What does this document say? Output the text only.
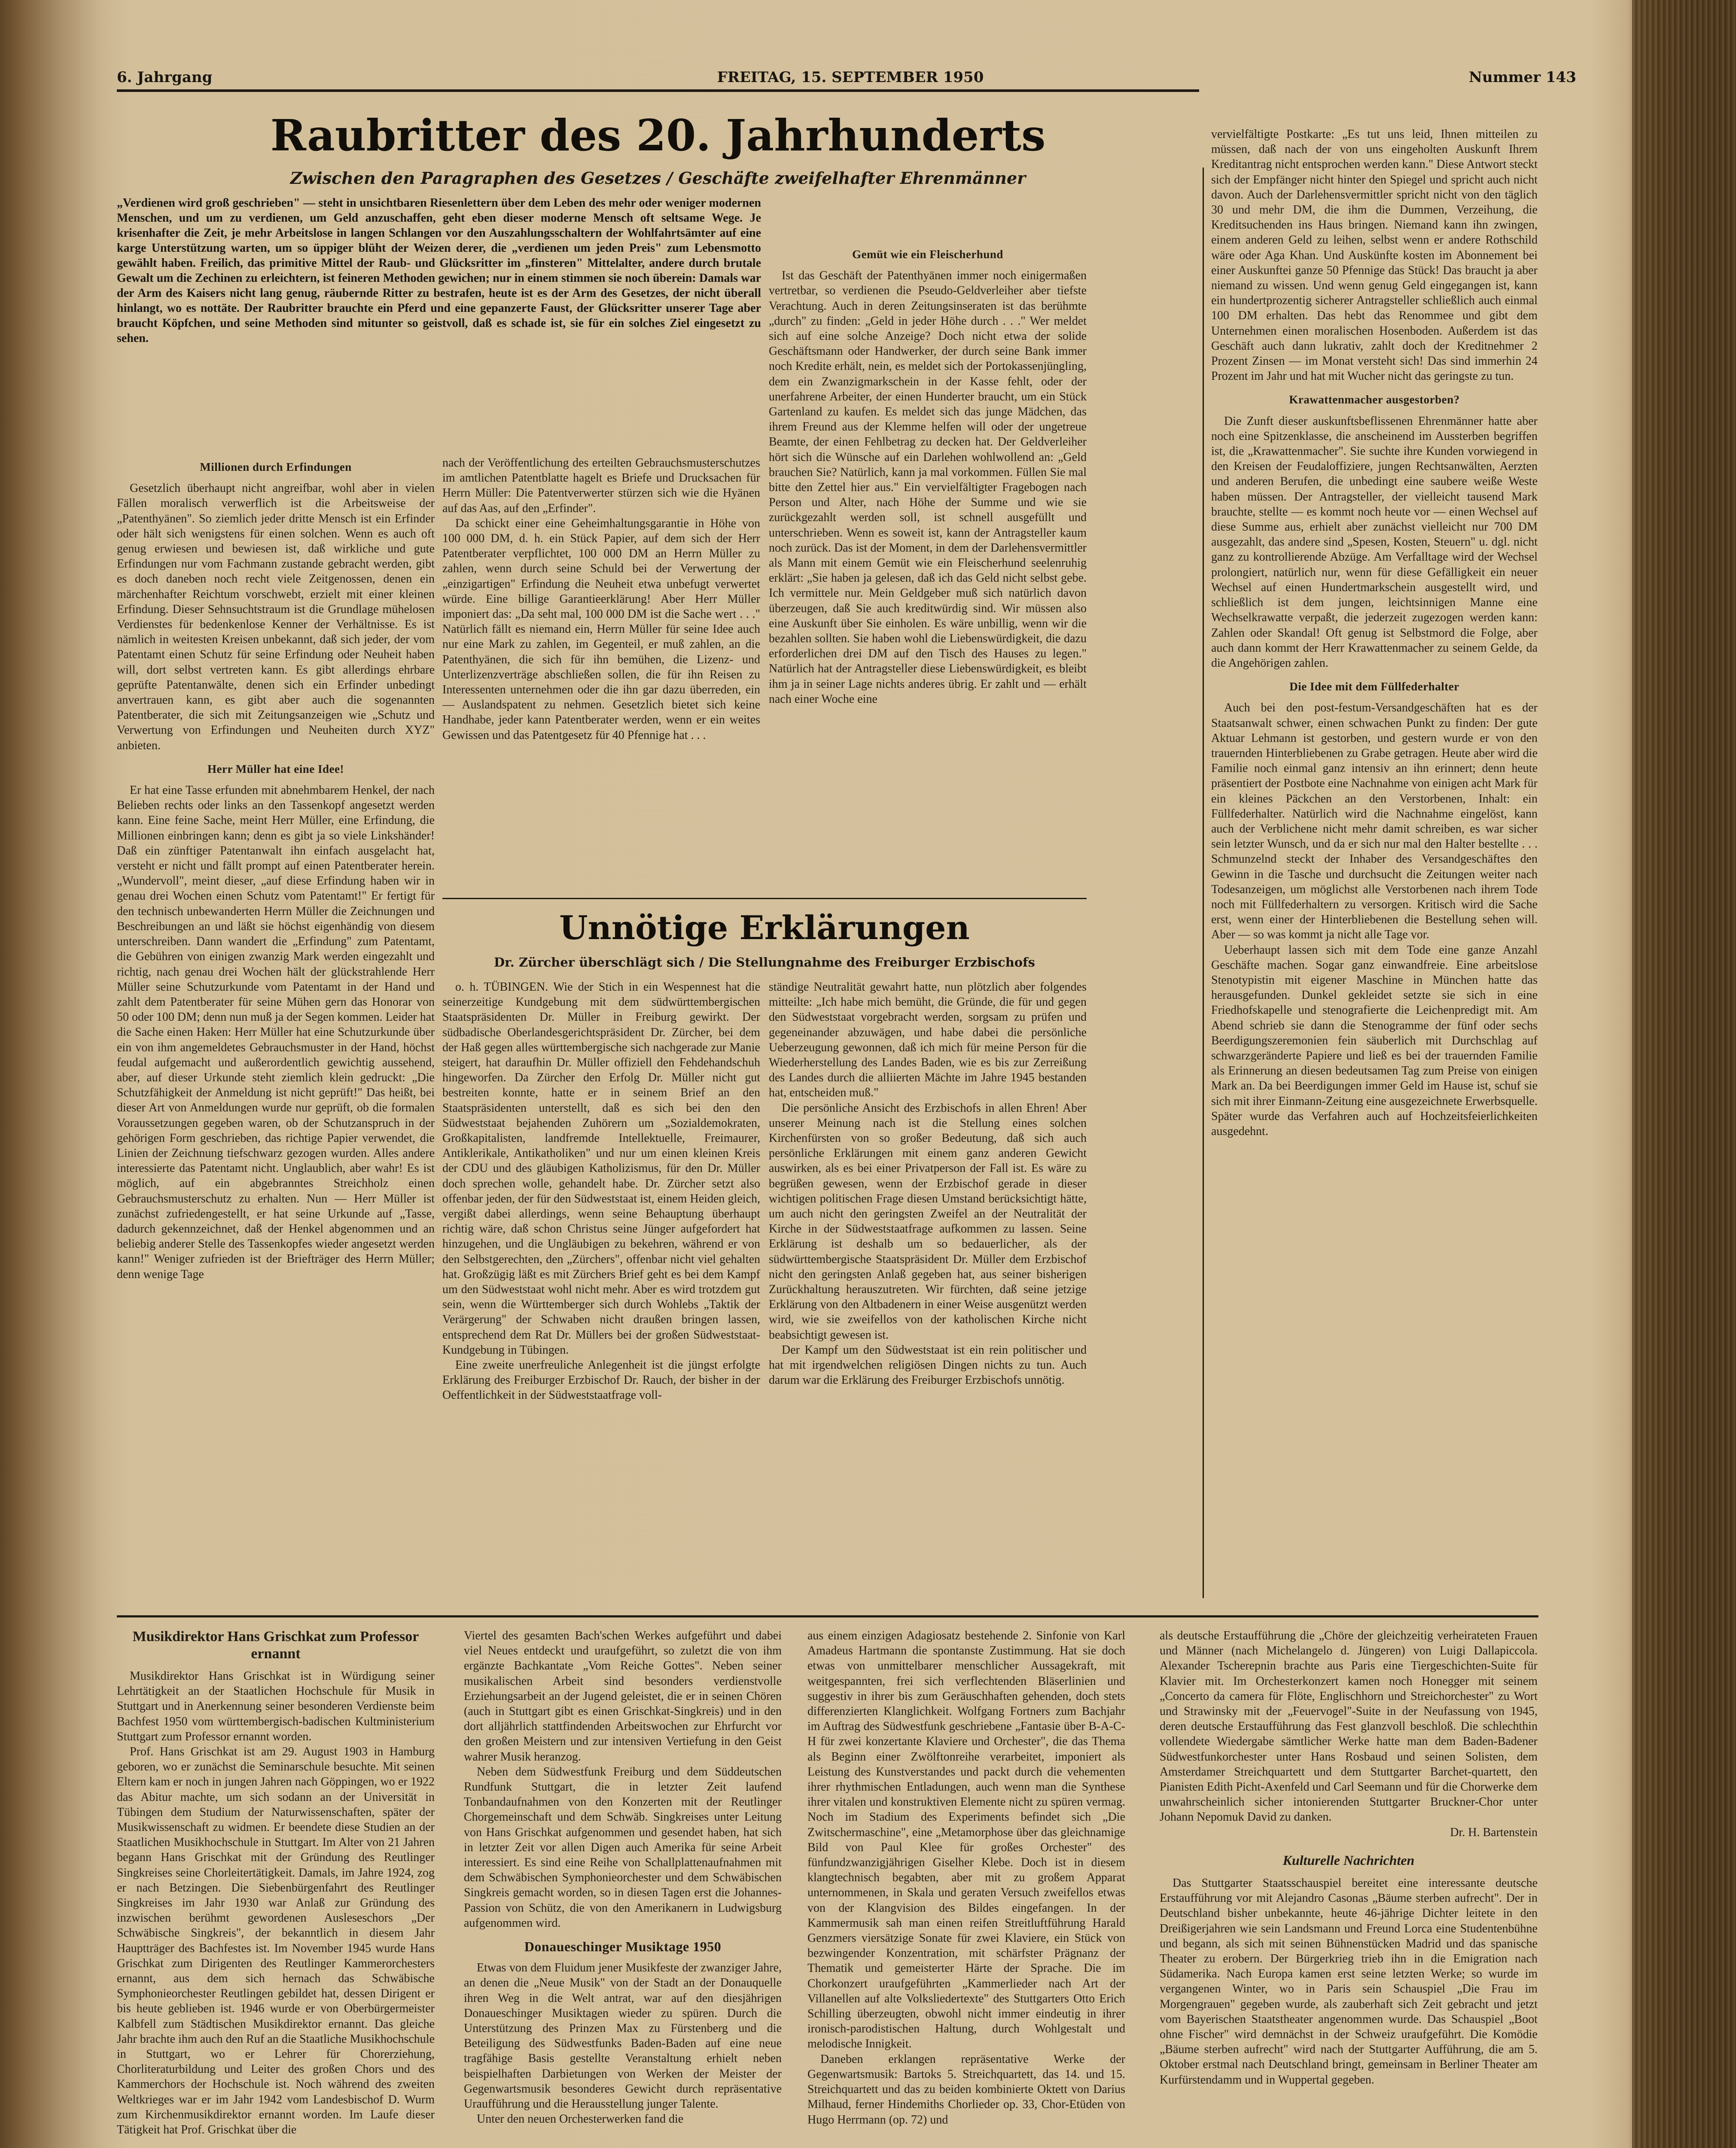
6. Jahrgang	FREITAG, 15. SEPTEMBER 1950	Nummer 143
Raubritter des 20. Jahrhunderts
Zwischen den Paragraphen des Gesetzes / Geschäfte zweifelhafter Ehrenmänner
„Verdienen wird groß geschrieben" — steht in unsichtbaren Riesenlettern über dem Leben des mehr oder weniger modernen Menschen, und um zu verdienen, um Geld anzuschaffen, geht eben dieser moderne Mensch oft seltsame Wege. Je krisenhafter die Zeit, je mehr Arbeitslose in langen Schlangen vor den Auszahlungsschaltern der Wohlfahrtsämter auf eine karge Unterstützung warten, um so üppiger blüht der Weizen derer, die „verdienen um jeden Preis" zum Lebensmotto gewählt haben. Freilich, das primitive Mittel der Raub- und Glücksritter im „finsteren" Mittelalter, andere durch brutale Gewalt um die Zechinen zu erleichtern, ist feineren Methoden gewichen; nur in einem stimmen sie noch überein: Damals war der Arm des Kaisers nicht lang genug, räubernde Ritter zu bestrafen, heute ist es der Arm des Gesetzes, der nicht überall hinlangt, wo es nottäte. Der Raubritter brauchte ein Pferd und eine gepanzerte Faust, der Glücksritter unserer Tage aber braucht Köpfchen, und seine Methoden sind mitunter so geistvoll, daß es schade ist, sie für ein solches Ziel eingesetzt zu sehen.
Millionen durch Erfindungen

Gesetzlich überhaupt nicht angreifbar, wohl aber in vielen Fällen moralisch verwerflich ist die Arbeitsweise der „Patenthyänen". So ziemlich jeder dritte Mensch ist ein Erfinder oder hält sich wenigstens für einen solchen. Wenn es auch oft genug erwiesen und bewiesen ist, daß wirkliche und gute Erfindungen nur vom Fachmann zustande gebracht werden, gibt es doch daneben noch recht viele Zeitgenossen, denen ein märchenhafter Reichtum vorschwebt, erzielt mit einer kleinen Erfindung. Dieser Sehnsuchtstraum ist die Grundlage mühelosen Verdienstes für bedenkenlose Kenner der Verhältnisse. Es ist nämlich in weitesten Kreisen unbekannt, daß sich jeder, der vom Patentamt einen Schutz für seine Erfindung oder Neuheit haben will, dort selbst vertreten kann. Es gibt allerdings ehrbare geprüfte Patentanwälte, denen sich ein Erfinder unbedingt anvertrauen kann, es gibt aber auch die sogenannten Patentberater, die sich mit Zeitungsanzeigen wie „Schutz und Verwertung von Erfindungen und Neuheiten durch XYZ" anbieten.

Herr Müller hat eine Idee!

Er hat eine Tasse erfunden mit abnehmbarem Henkel, der nach Belieben rechts oder links an den Tassenkopf angesetzt werden kann. Eine feine Sache, meint Herr Müller, eine Erfindung, die Millionen einbringen kann; denn es gibt ja so viele Linkshänder! Daß ein zünftiger Patentanwalt ihn einfach ausgelacht hat, versteht er nicht und fällt prompt auf einen Patentberater herein. „Wundervoll", meint dieser, „auf diese Erfindung haben wir in genau drei Wochen einen Schutz vom Patentamt!" Er fertigt für den technisch unbewanderten Herrn Müller die Zeichnungen und Beschreibungen an und läßt sie höchst eigenhändig von diesem unterschreiben. Dann wandert die „Erfindung" zum Patentamt, die Gebühren von einigen zwanzig Mark werden eingezahlt und richtig, nach genau drei Wochen hält der glückstrahlende Herr Müller seine Schutzurkunde vom Patentamt in der Hand und zahlt dem Patentberater für seine Mühen gern das Honorar von 50 oder 100 DM; denn nun muß ja der Segen kommen. Leider hat die Sache einen Haken: Herr Müller hat eine Schutzurkunde über ein von ihm angemeldetes Gebrauchsmuster in der Hand, höchst feudal aufgemacht und außerordentlich gewichtig aussehend, aber, auf dieser Urkunde steht ziemlich klein gedruckt: „Die Schutzfähigkeit der Anmeldung ist nicht geprüft!" Das heißt, bei dieser Art von Anmeldungen wurde nur geprüft, ob die formalen Voraussetzungen gegeben waren, ob der Schutzanspruch in der gehörigen Form geschrieben, das richtige Papier verwendet, die Linien der Zeichnung tiefschwarz gezogen wurden. Alles andere interessierte das Patentamt nicht. Unglaublich, aber wahr! Es ist möglich, auf ein abgebranntes Streichholz einen Gebrauchsmusterschutz zu erhalten. Nun — Herr Müller ist zunächst zufriedengestellt, er hat seine Urkunde auf „Tasse, dadurch gekennzeichnet, daß der Henkel abgenommen und an beliebig anderer Stelle des Tassenkopfes wieder angesetzt werden kann!" Weniger zufrieden ist der Briefträger des Herrn Müller; denn wenige Tage

nach der Veröffentlichung des erteilten Gebrauchsmusterschutzes im amtlichen Patentblatte hagelt es Briefe und Drucksachen für Herrn Müller: Die Patentverwerter stürzen sich wie die Hyänen auf das Aas, auf den „Erfinder".

Da schickt einer eine Geheimhaltungsgarantie in Höhe von 100 000 DM, d. h. ein Stück Papier, auf dem sich der Herr Patentberater verpflichtet, 100 000 DM an Herrn Müller zu zahlen, wenn durch seine Schuld bei der Verwertung der „einzigartigen" Erfindung die Neuheit etwa unbefugt verwertet würde. Eine billige Garantieerklärung! Aber Herr Müller imponiert das: „Da seht mal, 100 000 DM ist die Sache wert . . ." Natürlich fällt es niemand ein, Herrn Müller für seine Idee auch nur eine Mark zu zahlen, im Gegenteil, er muß zahlen, an die Patenthyänen, die sich für ihn bemühen, die Lizenz- und Unterlizenzverträge abschließen sollen, die für ihn Reisen zu Interessenten unternehmen oder die ihn gar dazu überreden, ein — Auslandspatent zu nehmen. Gesetzlich bietet sich keine Handhabe, jeder kann Patentberater werden, wenn er ein weites Gewissen und das Patentgesetz für 40 Pfennige hat . . .

Gemüt wie ein Fleischerhund

Ist das Geschäft der Patenthyänen immer noch einigermaßen vertretbar, so verdienen die Pseudo-Geldverleiher aber tiefste Verachtung. Auch in deren Zeitungsinseraten ist das berühmte „durch" zu finden: „Geld in jeder Höhe durch . . ." Wer meldet sich auf eine solche Anzeige? Doch nicht etwa der solide Geschäftsmann oder Handwerker, der durch seine Bank immer noch Kredite erhält, nein, es meldet sich der Portokassenjüngling, dem ein Zwanzigmarkschein in der Kasse fehlt, oder der unerfahrene Arbeiter, der einen Hunderter braucht, um ein Stück Gartenland zu kaufen. Es meldet sich das junge Mädchen, das ihrem Freund aus der Klemme helfen will oder der ungetreue Beamte, der einen Fehlbetrag zu decken hat. Der Geldverleiher hört sich die Wünsche auf ein Darlehen wohlwollend an: „Geld brauchen Sie? Natürlich, kann ja mal vorkommen. Füllen Sie mal bitte den Zettel hier aus." Ein vervielfältigter Fragebogen nach Person und Alter, nach Höhe der Summe und wie sie zurückgezahlt werden soll, ist schnell ausgefüllt und unterschrieben. Wenn es soweit ist, kann der Antragsteller kaum noch zurück. Das ist der Moment, in dem der Darlehensvermittler als Mann mit einem Gemüt wie ein Fleischerhund seelenruhig erklärt: „Sie haben ja gelesen, daß ich das Geld nicht selbst gebe. Ich vermittele nur. Mein Geldgeber muß sich natürlich davon überzeugen, daß Sie auch kreditwürdig sind. Wir müssen also eine Auskunft über Sie einholen. Es wäre unbillig, wenn wir die bezahlen sollten. Sie haben wohl die Liebenswürdigkeit, die dazu erforderlichen drei DM auf den Tisch des Hauses zu legen." Natürlich hat der Antragsteller diese Liebenswürdigkeit, es bleibt ihm ja in seiner Lage nichts anderes übrig. Er zahlt und — erhält nach einer Woche eine

vervielfältigte Postkarte: „Es tut uns leid, Ihnen mitteilen zu müssen, daß nach der von uns eingeholten Auskunft Ihrem Kreditantrag nicht entsprochen werden kann." Diese Antwort steckt sich der Empfänger nicht hinter den Spiegel und spricht auch nicht davon. Auch der Darlehensvermittler spricht nicht von den täglich 30 und mehr DM, die ihm die Dummen, Verzeihung, die Kreditsuchenden ins Haus bringen. Niemand kann ihn zwingen, einem anderen Geld zu leihen, selbst wenn er andere Rothschild wäre oder Aga Khan. Und Auskünfte kosten im Abonnement bei einer Auskunftei ganze 50 Pfennige das Stück! Das braucht ja aber niemand zu wissen. Und wenn genug Geld eingegangen ist, kann ein hundertprozentig sicherer Antragsteller schließlich auch einmal 100 DM erhalten. Das hebt das Renommee und gibt dem Unternehmen einen moralischen Hosenboden. Außerdem ist das Geschäft auch dann lukrativ, zahlt doch der Kreditnehmer 2 Prozent Zinsen — im Monat versteht sich! Das sind immerhin 24 Prozent im Jahr und hat mit Wucher nicht das geringste zu tun.

Krawattenmacher ausgestorben?

Die Zunft dieser auskunftsbeflissenen Ehrenmänner hatte aber noch eine Spitzenklasse, die anscheinend im Aussterben begriffen ist, die „Krawattenmacher". Sie suchte ihre Kunden vorwiegend in den Kreisen der Feudaloffiziere, jungen Rechtsanwälten, Aerzten und anderen Berufen, die unbedingt eine saubere weiße Weste haben müssen. Der Antragsteller, der vielleicht tausend Mark brauchte, stellte — es kommt noch heute vor — einen Wechsel auf diese Summe aus, erhielt aber zunächst vielleicht nur 700 DM ausgezahlt, das andere sind „Spesen, Kosten, Steuern" u. dgl. nicht ganz zu kontrollierende Abzüge. Am Verfalltage wird der Wechsel prolongiert, natürlich nur, wenn für diese Gefälligkeit ein neuer Wechsel auf einen Hundertmarkschein ausgestellt wird, und schließlich ist dem jungen, leichtsinnigen Manne eine Wechselkrawatte verpaßt, die jederzeit zugezogen werden kann: Zahlen oder Skandal! Oft genug ist Selbstmord die Folge, aber auch dann kommt der Herr Krawattenmacher zu seinem Gelde, da die Angehörigen zahlen.

Die Idee mit dem Füllfederhalter

Auch bei den post-festum-Versandgeschäften hat es der Staatsanwalt schwer, einen schwachen Punkt zu finden: Der gute Aktuar Lehmann ist gestorben, und gestern wurde er von den trauernden Hinterbliebenen zu Grabe getragen. Heute aber wird die Familie noch einmal ganz intensiv an ihn erinnert; denn heute präsentiert der Postbote eine Nachnahme von einigen acht Mark für ein kleines Päckchen an den Verstorbenen, Inhalt: ein Füllfederhalter. Natürlich wird die Nachnahme eingelöst, kann auch der Verblichene nicht mehr damit schreiben, es war sicher sein letzter Wunsch, und da er sich nur mal den Halter bestellte . . . Schmunzelnd steckt der Inhaber des Versandgeschäftes den Gewinn in die Tasche und durchsucht die Zeitungen weiter nach Todesanzeigen, um möglichst alle Verstorbenen nach ihrem Tode noch mit Füllfederhaltern zu versorgen. Kritisch wird die Sache erst, wenn einer der Hinterbliebenen die Bestellung sehen will. Aber — so was kommt ja nicht alle Tage vor.

Ueberhaupt lassen sich mit dem Tode eine ganze Anzahl Geschäfte machen. Sogar ganz einwandfreie. Eine arbeitslose Stenotypistin mit eigener Maschine in München hatte das herausgefunden. Dunkel gekleidet setzte sie sich in eine Friedhofskapelle und stenografierte die Leichenpredigt mit. Am Abend schrieb sie dann die Stenogramme der fünf oder sechs Beerdigungszeremonien fein säuberlich mit Durchschlag auf schwarzgeränderte Papiere und ließ es bei der trauernden Familie als Erinnerung an diesen bedeutsamen Tag zum Preise von einigen Mark an. Da bei Beerdigungen immer Geld im Hause ist, schuf sie sich mit ihrer Einmann-Zeitung eine ausgezeichnete Erwerbsquelle. Später wurde das Verfahren auch auf Hochzeitsfeierlichkeiten ausgedehnt.

Unnötige Erklärungen
Dr. Zürcher überschlägt sich / Die Stellungnahme des Freiburger Erzbischofs

o. h. TÜBINGEN. Wie der Stich in ein Wespennest hat die seinerzeitige Kundgebung mit dem südwürttembergischen Staatspräsidenten Dr. Müller in Freiburg gewirkt. Der südbadische Oberlandesgerichtspräsident Dr. Zürcher, bei dem der Haß gegen alles württembergische sich nachgerade zur Manie steigert, hat daraufhin Dr. Müller offiziell den Fehdehandschuh hingeworfen. Da Zürcher den Erfolg Dr. Müller nicht gut bestreiten konnte, hatte er in seinem Brief an den Staatspräsidenten unterstellt, daß es sich bei den den Südweststaat bejahenden Zuhörern um „Sozialdemokraten, Großkapitalisten, landfremde Intellektuelle, Freimaurer, Antiklerikale, Antikatholiken" und nur um einen kleinen Kreis der CDU und des gläubigen Katholizismus, für den Dr. Müller doch sprechen wolle, gehandelt habe. Dr. Zürcher setzt also offenbar jeden, der für den Südweststaat ist, einem Heiden gleich, vergißt dabei allerdings, wenn seine Behauptung überhaupt richtig wäre, daß schon Christus seine Jünger aufgefordert hat hinzugehen, und die Ungläubigen zu bekehren, während er von den Selbstgerechten, den „Zürchers", offenbar nicht viel gehalten hat. Großzügig läßt es mit Zürchers Brief geht es bei dem Kampf um den Südweststaat wohl nicht mehr. Aber es wird trotzdem gut sein, wenn die Württemberger sich durch Wohlebs „Taktik der Verärgerung" der Schwaben nicht draußen bringen lassen, entsprechend dem Rat Dr. Müllers bei der großen Südweststaat-Kundgebung in Tübingen.

Eine zweite unerfreuliche Anlegenheit ist die jüngst erfolgte Erklärung des Freiburger Erzbischof Dr. Rauch, der bisher in der Oeffentlichkeit in der Südweststaatfrage voll-

ständige Neutralität gewahrt hatte, nun plötzlich aber folgendes mitteilte: „Ich habe mich bemüht, die Gründe, die für und gegen den Südweststaat vorgebracht werden, sorgsam zu prüfen und gegeneinander abzuwägen, und habe dabei die persönliche Ueberzeugung gewonnen, daß ich mich für meine Person für die Wiederherstellung des Landes Baden, wie es bis zur Zerreißung des Landes durch die alliierten Mächte im Jahre 1945 bestanden hat, entscheiden muß."

Die persönliche Ansicht des Erzbischofs in allen Ehren! Aber unserer Meinung nach ist die Stellung eines solchen Kirchenfürsten von so großer Bedeutung, daß sich auch persönliche Erklärungen mit einem ganz anderen Gewicht auswirken, als es bei einer Privatperson der Fall ist. Es wäre zu begrüßen gewesen, wenn der Erzbischof gerade in dieser wichtigen politischen Frage diesen Umstand berücksichtigt hätte, um auch nicht den geringsten Zweifel an der Neutralität der Kirche in der Südweststaatfrage aufkommen zu lassen. Seine Erklärung ist deshalb um so bedauerlicher, als der südwürttembergische Staatspräsident Dr. Müller dem Erzbischof nicht den geringsten Anlaß gegeben hat, aus seiner bisherigen Zurückhaltung herauszutreten. Wir fürchten, daß seine jetzige Erklärung von den Altbadenern in einer Weise ausgenützt werden wird, wie sie zweifellos von der katholischen Kirche nicht beabsichtigt gewesen ist.

Der Kampf um den Südweststaat ist ein rein politischer und hat mit irgendwelchen religiösen Dingen nichts zu tun. Auch darum war die Erklärung des Freiburger Erzbischofs unnötig.

Musikdirektor Hans Grischkat zum Professor ernannt

Musikdirektor Hans Grischkat ist in Würdigung seiner Lehrtätigkeit an der Staatlichen Hochschule für Musik in Stuttgart und in Anerkennung seiner besonderen Verdienste beim Bachfest 1950 vom württembergisch-badischen Kultministerium Stuttgart zum Professor ernannt worden.

Prof. Hans Grischkat ist am 29. August 1903 in Hamburg geboren, wo er zunächst die Seminarschule besuchte. Mit seinen Eltern kam er noch in jungen Jahren nach Göppingen, wo er 1922 das Abitur machte, um sich sodann an der Universität in Tübingen dem Studium der Naturwissenschaften, später der Musikwissenschaft zu widmen. Er beendete diese Studien an der Staatlichen Musikhochschule in Stuttgart. Im Alter von 21 Jahren begann Hans Grischkat mit der Gründung des Reutlinger Singkreises seine Chorleitertätigkeit. Damals, im Jahre 1924, zog er nach Betzingen. Die Siebenbürgenfahrt des Reutlinger Singkreises im Jahr 1930 war Anlaß zur Gründung des inzwischen berühmt gewordenen Ausleseschors „Der Schwäbische Singkreis", der bekanntlich in diesem Jahr Hauptträger des Bachfestes ist. Im November 1945 wurde Hans Grischkat zum Dirigenten des Reutlinger Kammerorchesters ernannt, aus dem sich hernach das Schwäbische Symphonieorchester Reutlingen gebildet hat, dessen Dirigent er bis heute geblieben ist. 1946 wurde er von Oberbürgermeister Kalbfell zum Städtischen Musikdirektor ernannt. Das gleiche Jahr brachte ihm auch den Ruf an die Staatliche Musikhochschule in Stuttgart, wo er Lehrer für Chorerziehung, Chorliteraturbildung und Leiter des großen Chors und des Kammerchors der Hochschule ist. Noch während des zweiten Weltkrieges war er im Jahr 1942 vom Landesbischof D. Wurm zum Kirchenmusikdirektor ernannt worden. Im Laufe dieser Tätigkeit hat Prof. Grischkat über die

Viertel des gesamten Bach'schen Werkes aufgeführt und dabei viel Neues entdeckt und uraufgeführt, so zuletzt die von ihm ergänzte Bachkantate „Vom Reiche Gottes". Neben seiner musikalischen Arbeit sind besonders verdienstvolle Erziehungsarbeit an der Jugend geleistet, die er in seinen Chören (auch in Stuttgart gibt es einen Grischkat-Singkreis) und in den dort alljährlich stattfindenden Arbeitswochen zur Ehrfurcht vor den großen Meistern und zur intensiven Vertiefung in den Geist wahrer Musik heranzog.

Neben dem Südwestfunk Freiburg und dem Süddeutschen Rundfunk Stuttgart, die in letzter Zeit laufend Tonbandaufnahmen von den Konzerten mit der Reutlinger Chorgemeinschaft und dem Schwäb. Singkreises unter Leitung von Hans Grischkat aufgenommen und gesendet haben, hat sich in letzter Zeit vor allen Digen auch Amerika für seine Arbeit interessiert. Es sind eine Reihe von Schallplattenaufnahmen mit dem Schwäbischen Symphonieorchester und dem Schwäbischen Singkreis gemacht worden, so in diesen Tagen erst die Johannes-Passion von Schütz, die von den Amerikanern in Ludwigsburg aufgenommen wird.

Donaueschinger Musiktage 1950

Etwas von dem Fluidum jener Musikfeste der zwanziger Jahre, an denen die „Neue Musik" von der Stadt an der Donauquelle ihren Weg in die Welt antrat, war auf den diesjährigen Donaueschinger Musiktagen wieder zu spüren. Durch die Unterstützung des Prinzen Max zu Fürstenberg und die Beteiligung des Südwestfunks Baden-Baden auf eine neue tragfähige Basis gestellte Veranstaltung erhielt neben beispielhaften Darbietungen von Werken der Meister der Gegenwartsmusik besonderes Gewicht durch repräsentative Uraufführung und die Herausstellung junger Talente.

Unter den neuen Orchesterwerken fand die

aus einem einzigen Adagiosatz bestehende 2. Sinfonie von Karl Amadeus Hartmann die spontanste Zustimmung. Hat sie doch etwas von unmittelbarer menschlicher Aussagekraft, mit weitgespannten, frei sich verflechtenden Bläserlinien und suggestiv in ihrer bis zum Geräuschhaften gehenden, doch stets differenzierten Klanglichkeit. Wolfgang Fortners zum Bachjahr im Auftrag des Südwestfunk geschriebene „Fantasie über B-A-C-H für zwei konzertante Klaviere und Orchester", die das Thema als Beginn einer Zwölftonreihe verarbeitet, imponiert als Leistung des Kunstverstandes und packt durch die vehementen ihrer rhythmischen Entladungen, auch wenn man die Synthese ihrer vitalen und konstruktiven Elemente nicht zu spüren vermag. Noch im Stadium des Experiments befindet sich „Die Zwitschermaschine", eine „Metamorphose über das gleichnamige Bild von Paul Klee für großes Orchester" des fünfundzwanzigjährigen Giselher Klebe. Doch ist in diesem klangtechnisch begabten, aber mit zu großem Apparat unternommenen, in Skala und geraten Versuch zweifellos etwas von der Klangvision des Bildes eingefangen. In der Kammermusik sah man einen reifen Streitluftführung Harald Genzmers viersätzige Sonate für zwei Klaviere, ein Stück von bezwingender Konzentration, mit schärfster Prägnanz der Thematik und gemeisterter Härte der Sprache. Die im Chorkonzert uraufgeführten „Kammerlieder nach Art der Villanellen auf alte Volksliedertexte" des Stuttgarters Otto Erich Schilling überzeugten, obwohl nicht immer eindeutig in ihrer ironisch-parodistischen Haltung, durch Wohlgestalt und melodische Innigkeit.

Daneben erklangen repräsentative Werke der Gegenwartsmusik: Bartoks 5. Streichquartett, das 14. und 15. Streichquartett und das zu beiden kombinierte Oktett von Darius Milhaud, ferner Hindemiths Chorlieder op. 33, Chor-Etüden von Hugo Herrmann (op. 72) und

als deutsche Erstaufführung die „Chöre der gleichzeitig verheirateten Frauen und Männer (nach Michelangelo d. Jüngeren) von Luigi Dallapiccola. Alexander Tscherepnin brachte aus Paris eine Tiergeschichten-Suite für Klavier mit. Im Orchesterkonzert kamen noch Honegger mit seinem „Concerto da camera für Flöte, Englischhorn und Streichorchester" zu Wort und Strawinsky mit der „Feuervogel"-Suite in der Neufassung von 1945, deren deutsche Erstaufführung das Fest glanzvoll beschloß. Die schlechthin vollendete Wiedergabe sämtlicher Werke hatte man dem Baden-Badener Südwestfunkorchester unter Hans Rosbaud und seinen Solisten, dem Amsterdamer Streichquartett und dem Stuttgarter Barchet-quartett, den Pianisten Edith Picht-Axenfeld und Carl Seemann und für die Chorwerke dem unwahrscheinlich sicher intonierenden Stuttgarter Bruckner-Chor unter Johann Nepomuk David zu danken.

Dr. H. Bartenstein
Kulturelle Nachrichten

Das Stuttgarter Staatsschauspiel bereitet eine interessante deutsche Erstaufführung vor mit Alejandro Casonas „Bäume sterben aufrecht". Der in Deutschland bisher unbekannte, heute 46-jährige Dichter leitete in den Dreißigerjahren wie sein Landsmann und Freund Lorca eine Studentenbühne und begann, als sich mit seinen Bühnenstücken Madrid und das spanische Theater zu erobern. Der Bürgerkrieg trieb ihn in die Emigration nach Südamerika. Nach Europa kamen erst seine letzten Werke; so wurde im vergangenen Winter, wo in Paris sein Schauspiel „Die Frau im Morgengrauen" gegeben wurde, als zauberhaft sich Zeit gebracht und jetzt vom Bayerischen Staatstheater angenommen wurde. Das Schauspiel „Boot ohne Fischer" wird demnächst in der Schweiz uraufgeführt. Die Komödie „Bäume sterben aufrecht" wird nach der Stuttgarter Aufführung, die am 5. Oktober erstmal nach Deutschland bringt, gemeinsam in Berliner Theater am Kurfürstendamm und in Wuppertal gegeben.
